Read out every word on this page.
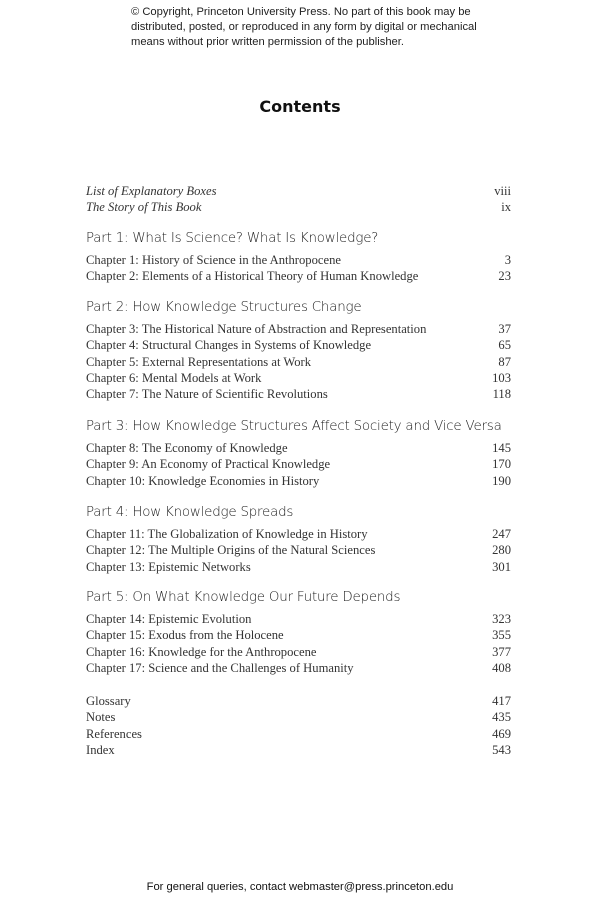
© Copyright, Princeton University Press. No part of this book may be distributed, posted, or reproduced in any form by digital or mechanical means without prior written permission of the publisher.
Contents
List of Explanatory Boxes	viii
The Story of This Book	ix
Part 1: What Is Science? What Is Knowledge?
Chapter 1: History of Science in the Anthropocene	3
Chapter 2: Elements of a Historical Theory of Human Knowledge	23
Part 2: How Knowledge Structures Change
Chapter 3: The Historical Nature of Abstraction and Representation	37
Chapter 4: Structural Changes in Systems of Knowledge	65
Chapter 5: External Representations at Work	87
Chapter 6: Mental Models at Work	103
Chapter 7: The Nature of Scientific Revolutions	118
Part 3: How Knowledge Structures Affect Society and Vice Versa
Chapter 8: The Economy of Knowledge	145
Chapter 9: An Economy of Practical Knowledge	170
Chapter 10: Knowledge Economies in History	190
Part 4: How Knowledge Spreads
Chapter 11: The Globalization of Knowledge in History	247
Chapter 12: The Multiple Origins of the Natural Sciences	280
Chapter 13: Epistemic Networks	301
Part 5: On What Knowledge Our Future Depends
Chapter 14: Epistemic Evolution	323
Chapter 15: Exodus from the Holocene	355
Chapter 16: Knowledge for the Anthropocene	377
Chapter 17: Science and the Challenges of Humanity	408
Glossary	417
Notes	435
References	469
Index	543
For general queries, contact webmaster@press.princeton.edu
